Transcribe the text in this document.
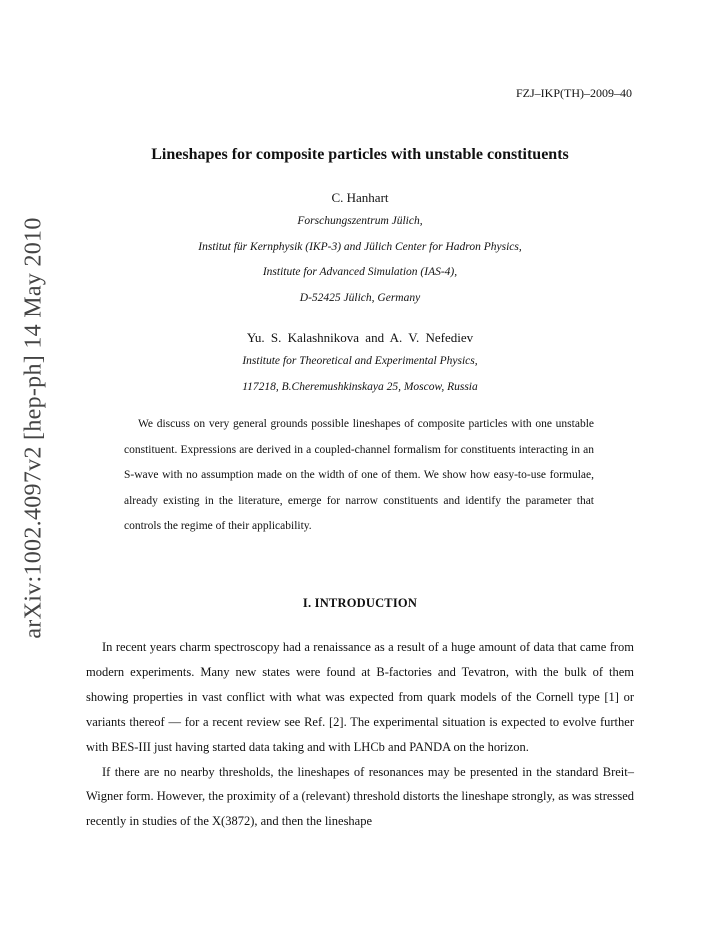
FZJ–IKP(TH)–2009–40
arXiv:1002.4097v2 [hep-ph] 14 May 2010
Lineshapes for composite particles with unstable constituents
C. Hanhart
Forschungszentrum Jülich,
Institut für Kernphysik (IKP-3) and Jülich Center for Hadron Physics,
Institute for Advanced Simulation (IAS-4),
D-52425 Jülich, Germany
Yu. S. Kalashnikova and A. V. Nefediev
Institute for Theoretical and Experimental Physics,
117218, B.Cheremushkinskaya 25, Moscow, Russia
We discuss on very general grounds possible lineshapes of composite particles with one unstable constituent. Expressions are derived in a coupled-channel formalism for constituents interacting in an S-wave with no assumption made on the width of one of them. We show how easy-to-use formulae, already existing in the literature, emerge for narrow constituents and identify the parameter that controls the regime of their applicability.
I. INTRODUCTION

In recent years charm spectroscopy had a renaissance as a result of a huge amount of data that came from modern experiments. Many new states were found at B-factories and Tevatron, with the bulk of them showing properties in vast conflict with what was expected from quark models of the Cornell type [1] or variants thereof — for a recent review see Ref. [2]. The experimental situation is expected to evolve further with BES-III just having started data taking and with LHCb and PANDA on the horizon.

If there are no nearby thresholds, the lineshapes of resonances may be presented in the standard Breit–Wigner form. However, the proximity of a (relevant) threshold distorts the lineshape strongly, as was stressed recently in studies of the X(3872), and then the lineshape
